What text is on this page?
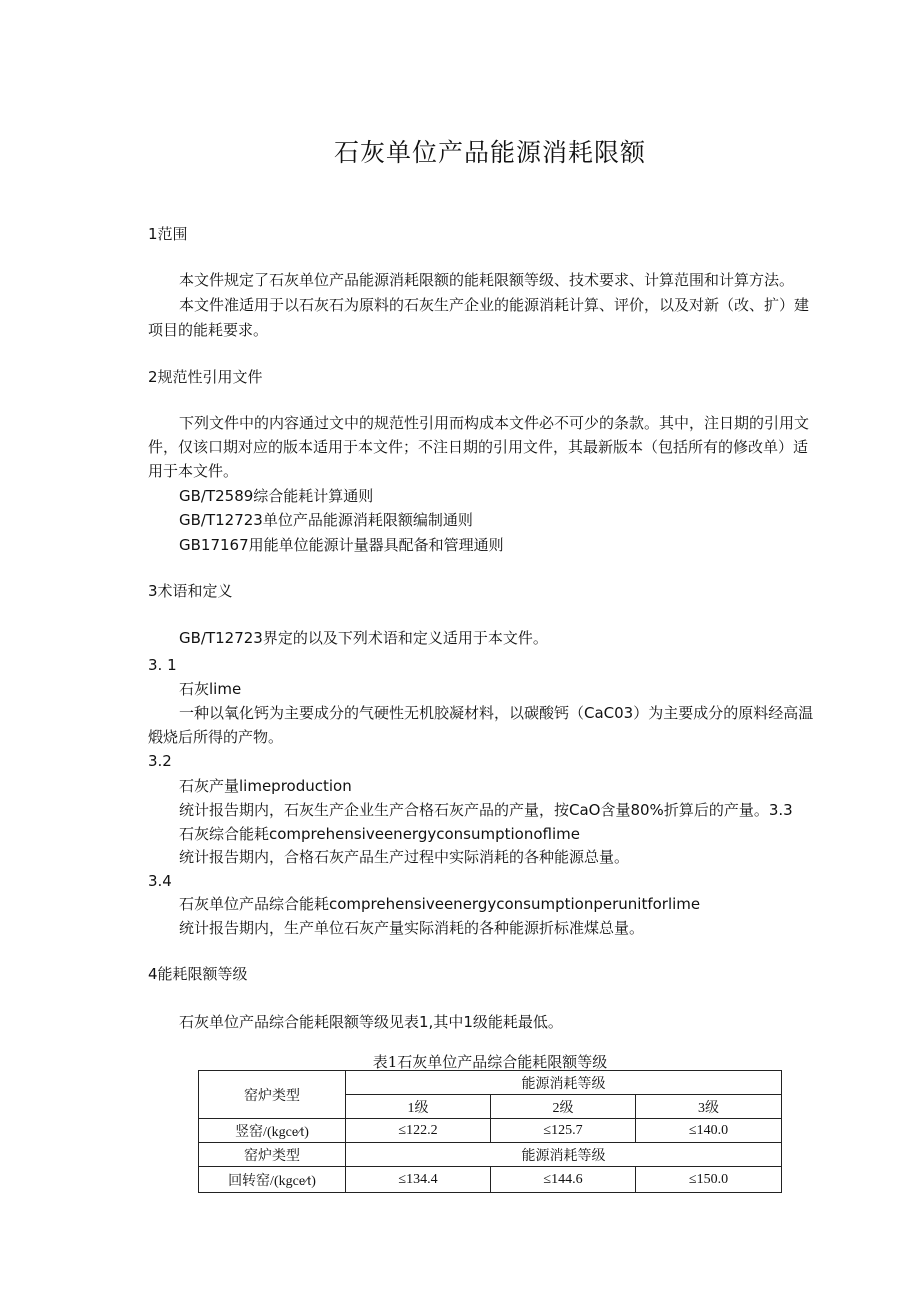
石灰单位产品能源消耗限额
1范围
本文件规定了石灰单位产品能源消耗限额的能耗限额等级、技术要求、计算范围和计算方法。
本文件准适用于以石灰石为原料的石灰生产企业的能源消耗计算、评价，以及对新（改、扩）建
项目的能耗要求。
2规范性引用文件
下列文件中的内容通过文中的规范性引用而构成本文件必不可少的条款。其中，注日期的引用文
件，仅该口期对应的版本适用于本文件；不注日期的引用文件，其最新版本（包括所有的修改单）适
用于本文件。
GB/T2589综合能耗计算通则
GB/T12723单位产品能源消耗限额编制通则
GB17167用能单位能源计量器具配备和管理通则
3术语和定义
GB/T12723界定的以及下列术语和定义适用于本文件。
3. 1
石灰lime
一种以氧化钙为主要成分的气硬性无机胶凝材料，以碳酸钙（CaC03）为主要成分的原料经高温
煅烧后所得的产物。
3.2
石灰产量limeproduction
统计报告期内，石灰生产企业生产合格石灰产品的产量，按CaO含量80%折算后的产量。3.3
石灰综合能耗comprehensiveenergyconsumptionoflime
统计报告期内，合格石灰产品生产过程中实际消耗的各种能源总量。
3.4
石灰单位产品综合能耗comprehensiveenergyconsumptionperunitforlime
统计报告期内，生产单位石灰产量实际消耗的各种能源折标准煤总量。
4能耗限额等级
石灰单位产品综合能耗限额等级见表1,其中1级能耗最低。
表1石灰单位产品综合能耗限额等级
窑炉类型	能源消耗等级		
	1级	2级	3级
竖窑/(kgce⁄t)	≤122.2	≤125.7	≤140.0
窑炉类型	能源消耗等级		
回转窑/(kgce⁄t)	≤134.4	≤144.6	≤150.0
